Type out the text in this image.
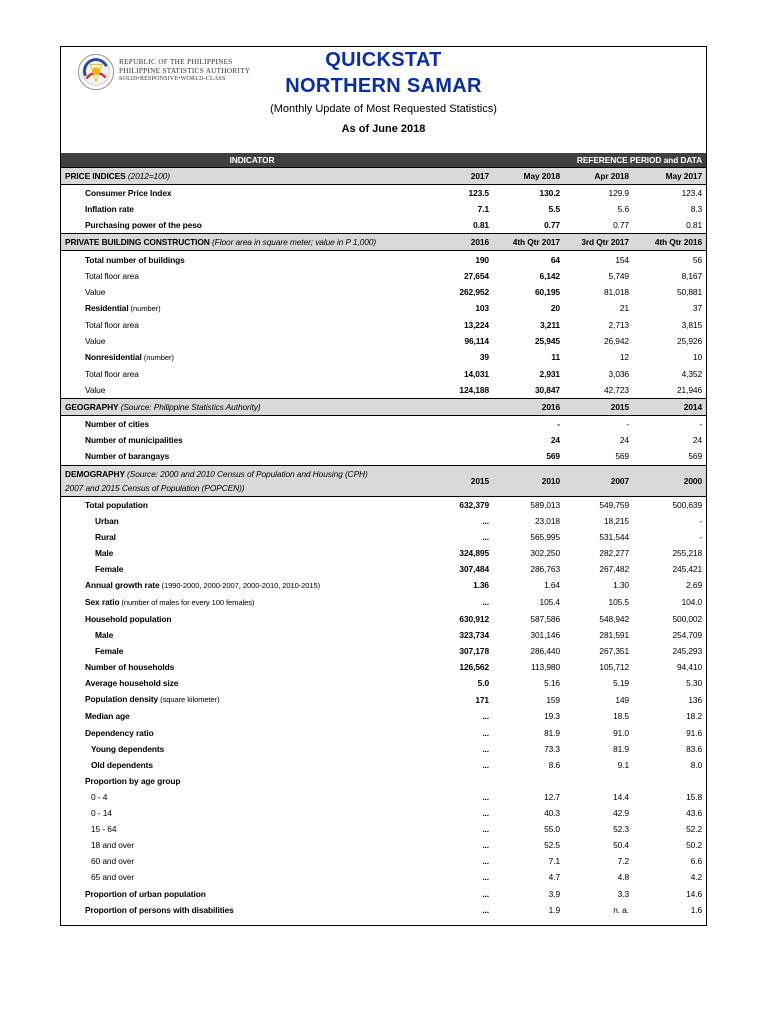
REPUBLIC OF THE PHILIPPINES
PHILIPPINE STATISTICS AUTHORITY
SOLID•RESPONSIVE•WORLD-CLASS
QUICKSTAT
NORTHERN SAMAR
(Monthly Update of Most Requested Statistics)
As of June 2018
INDICATOR	REFERENCE PERIOD and DATA			
PRICE INDICES (2012=100)	2017	May 2018	Apr 2018	May 2017
Consumer Price Index	123.5	130.2	129.9	123.4
Inflation rate	7.1	5.5	5.6	8.3
Purchasing power of the peso	0.81	0.77	0.77	0.81
PRIVATE BUILDING CONSTRUCTION (Floor area in square meter; value in P 1,000)	2016	4th Qtr 2017	3rd Qtr 2017	4th Qtr 2016
Total number of buildings	190	64	154	56
Total floor area	27,654	6,142	5,749	8,167
Value	262,952	60,195	81,018	50,881
Residential (number)	103	20	21	37
Total floor area	13,224	3,211	2,713	3,815
Value	96,114	25,945	26,942	25,926
Nonresidential (number)	39	11	12	10
Total floor area	14,031	2,931	3,036	4,352
Value	124,188	30,847	42,723	21,946
GEOGRAPHY (Source: Philippine Statistics Authority)		2016	2015	2014
Number of cities		-	-	-
Number of municipalities		24	24	24
Number of barangays		569	569	569
DEMOGRAPHY (Source: 2000 and 2010 Census of Population and Housing (CPH)
2007 and 2015 Census of Population (POPCEN))	2015	2010	2007	2000
Total population	632,379	589,013	549,759	500,639
Urban	...	23,018	18,215	-
Rural	...	565,995	531,544	-
Male	324,895	302,250	282,277	255,218
Female	307,484	286,763	267,482	245,421
Annual growth rate (1990-2000, 2000-2007, 2000-2010, 2010-2015)	1.36	1.64	1.30	2.69
Sex ratio (number of males for every 100 females)	...	105.4	105.5	104.0
Household population	630,912	587,586	548,942	500,002
Male	323,734	301,146	281,591	254,709
Female	307,178	286,440	267,351	245,293
Number of households	126,562	113,980	105,712	94,410
Average household size	5.0	5.16	5.19	5.30
Population density (square kilometer)	171	159	149	136
Median age	...	19.3	18.5	18.2
Dependency ratio	...	81.9	91.0	91.6
Young dependents	...	73.3	81.9	83.6
Old dependents	...	8.6	9.1	8.0
Proportion by age group				
0 - 4	...	12.7	14.4	15.8
0 - 14	...	40.3	42.9	43.6
15 - 64	...	55.0	52.3	52.2
18 and over	...	52.5	50.4	50.2
60 and over	...	7.1	7.2	6.6
65 and over	...	4.7	4.8	4.2
Proportion of urban population	...	3.9	3.3	14.6
Proportion of persons with disabilities	...	1.9	n. a.	1.6
